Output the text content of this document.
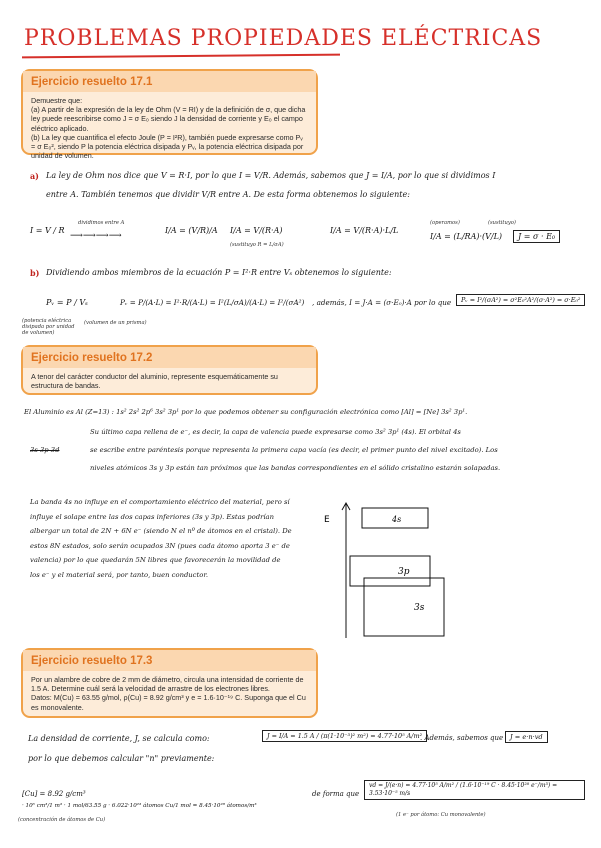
PROBLEMAS PROPIEDADES ELÉCTRICAS
Ejercicio resuelto 17.1

Demuestre que:

(a) A partir de la expresión de la ley de Ohm (V = RI) y de la definición de σ, que dicha ley puede reescribirse como J = σ E₀ siendo J la densidad de corriente y E₀ el campo eléctrico aplicado.

(b) La ley que cuantifica el efecto Joule (P = I²R), también puede expresarse como Pᵥ = σ E₀², siendo P la potencia eléctrica disipada y Pᵥ, la potencia eléctrica disipada por unidad de volumen.

a) La ley de Ohm nos dice que V = R·I, por lo que I = V/R. Además, sabemos que J = I/A, por lo que si dividimos I

entre A. También tenemos que dividir V/R entre A. De esta forma obtenemos lo siguiente:

I = V / R
dividimos entre A
⟶⟶⟶⟶
I/A = (V/R)/A I/A = V/(R·A)
(sustituyo R = L/σA)
I/A = V/(R·A)·L/L
(operamos)
I/A = (L/RA)·(V/L)
(sustituyo)
J = σ · E₀

b) Dividiendo ambos miembros de la ecuación P = I²·R entre Vₛ obtenemos lo siguiente:

Pᵥ = P / Vₛ
(potencia eléctrica disipada por unidad de volumen)
(volumen de un prisma)
Pᵥ = P/(A·L) = I²·R/(A·L) = I²(L/σA)/(A·L) = I²/(σA²) , además, I = J·A = (σ·E₀)·A por lo que	Pᵥ = I²/(σA²) = σ²E₀²A²/(σ·A²) = σ·E₀²
Ejercicio resuelto 17.2

A tenor del carácter conductor del aluminio, represente esquemáticamente su estructura de bandas.

El Aluminio es Al (Z=13) : 1s² 2s² 2p⁶ 3s² 3p¹ por lo que podemos obtener su configuración electrónica como [Al] = [Ne] 3s² 3p¹.

Su último capa rellena de e⁻, es decir, la capa de valencia puede expresarse como 3s² 3p¹ (4s). El orbital 4s

se escribe entre paréntesis porque representa la primera capa vacía (es decir, el primer punto del nivel excitado). Los

niveles atómicos 3s y 3p están tan próximos que las bandas correspondientes en el sólido cristalino estarán solapadas.

3s 3p 3d

La banda 4s no influye en el comportamiento eléctrico del material, pero sí influye el solape entre las dos capas inferiores (3s y 3p). Estas podrían albergar un total de 2N + 6N e⁻ (siendo N el nº de átomos en el cristal). De estos 8N estados, solo serán ocupados 3N (pues cada átomo aporta 3 e⁻ de valencia) por lo que quedarán 5N libres que favorecerán la movilidad de los e⁻ y el material será, por tanto, buen conductor.

E	4s
3p
3s
Ejercicio resuelto 17.3

Por un alambre de cobre de 2 mm de diámetro, circula una intensidad de corriente de 1.5 A. Determine cuál será la velocidad de arrastre de los electrones libres.

Datos: M(Cu) = 63.55 g/mol, ρ(Cu) = 8.92 g/cm³ y e = 1.6·10⁻¹⁹ C. Suponga que el Cu es monovalente.

La densidad de corriente, J, se calcula como:	J = I/A = 1.5 A / (π(1·10⁻³)² m²) = 4.77·10⁵ A/m²

. Además, sabemos que	J = e·n·vd

por lo que debemos calcular "n" previamente:

[Cu] = 8.92 g/cm³
· 10⁶ cm³/1 m³ · 1 mol/63.55 g · 6.022·10²³ átomos Cu/1 mol = 8.45·10²⁸ átomos/m³
(concentración de átomos de Cu)

de forma que

vd = J/(e·n) = 4.77·10⁵ A/m² / (1.6·10⁻¹⁹ C · 8.45·10²⁸ e⁻/m³) = 3.53·10⁻⁵ m/s
(1 e⁻ por átomo: Cu monovalente)
